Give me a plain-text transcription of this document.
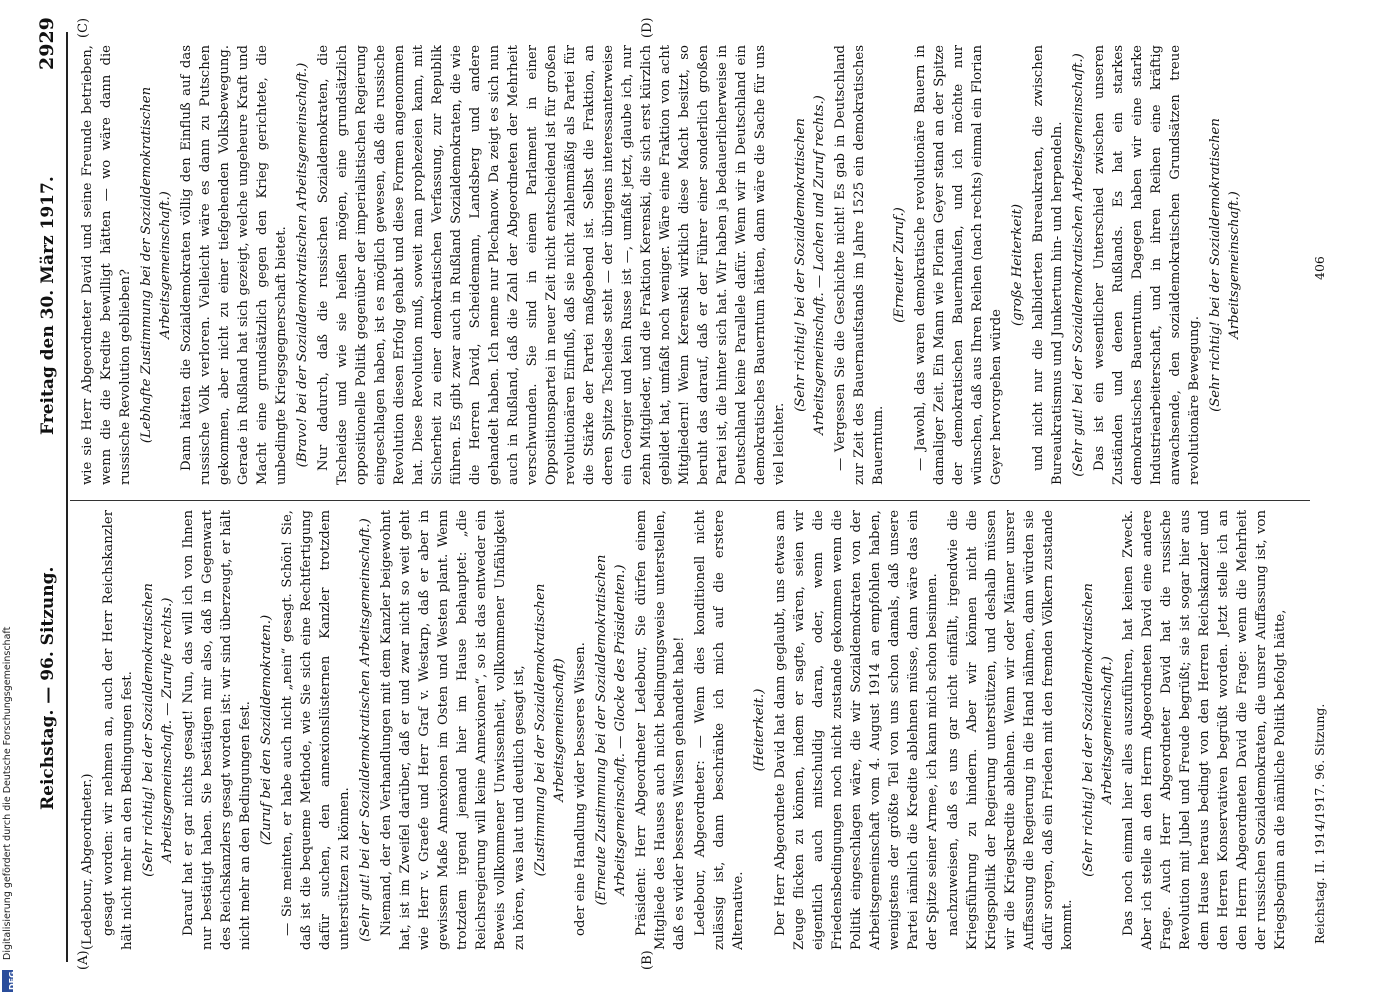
Reichstag. — 96. Sitzung.
Freitag den 30. März 1917.
2929
(A)	(B)
(C)	(D)

(Ledebour, Abgeordneter.) gesagt worden: wir nehmen an, auch der Herr Reichskanzler hält nicht mehr an den Bedingungen fest. (Sehr richtig! bei der Sozialdemokratischen Arbeitsgemeinschaft. — Zurufe rechts.) Darauf hat er gar nichts gesagt! Nun, das will ich von Ihnen nur bestätigt haben. Sie bestätigen mir also, daß in Gegenwart des Reichskanzlers gesagt worden ist: wir sind überzeugt, er hält nicht mehr an den Bedingungen fest. (Zuruf bei den Sozialdemokraten.) — Sie meinten, er habe auch nicht „nein“ gesagt. Schön! Sie, daß ist die bequeme Methode, wie Sie sich eine Rechtfertigung dafür suchen, den annexionslüsternen Kanzler trotzdem unterstützen zu können. (Sehr gut! bei der Sozialdemokratischen Arbeitsgemeinschaft.) Niemand, der den Verhandlungen mit dem Kanzler beigewohnt hat, ist im Zweifel darüber, daß er und zwar nicht so weit geht wie Herr v. Graefe und Herr Graf v. Westarp, daß er aber in gewissem Maße Annexionen im Osten und Westen plant. Wenn trotzdem irgend jemand hier im Hause behauptet: „die Reichsregierung will keine Annexionen“, so ist das entweder ein Beweis vollkommener Unwissenheit, vollkommener Unfähigkeit zu hören, was laut und deutlich gesagt ist, (Zustimmung bei der Sozialdemokratischen Arbeitsgemeinschaft) oder eine Handlung wider besseres Wissen. (Erneute Zustimmung bei der Sozialdemokratischen Arbeitsgemeinschaft. — Glocke des Präsidenten.) Präsident: Herr Abgeordneter Ledebour, Sie dürfen einem Mitgliede des Hauses auch nicht bedingungsweise unterstellen, daß es wider besseres Wissen gehandelt habe! Ledebour, Abgeordneter: — Wenn dies konditionell nicht zulässig ist, dann beschränke ich mich auf die erstere Alternative.

(Heiterkeit.) Der Herr Abgeordnete David hat dann geglaubt, uns etwas am Zeuge flicken zu können, indem er sagte, wären, seien wir eigentlich auch mitschuldig daran, oder, wenn die Friedensbedingungen noch nicht zustande gekommen wenn die Politik eingeschlagen wäre, die wir Sozialdemokraten von der Arbeitsgemeinschaft vom 4. August 1914 an empfohlen haben, wenigstens der größte Teil von uns schon damals, daß unsere Partei nämlich die Kredite ablehnen müsse, dann wäre das ein der Spitze seiner Armee, ich kann mich schon besinnen. nachzuweisen, daß es uns gar nicht einfällt, irgendwie die Kriegsführung zu hindern. Aber wir können nicht die Kriegspolitik der Regierung unterstützen, und deshalb müssen wir die Kriegskredite ablehnen. Wenn wir oder Männer unsrer Auffassung die Regierung in die Hand nähmen, dann würden sie dafür sorgen, daß ein Frieden mit den fremden Völkern zustande kommt.

(Sehr richtig! bei der Sozialdemokratischen Arbeitsgemeinschaft.) Das noch einmal hier alles auszuführen, hat keinen Zweck. Aber ich stelle an den Herrn Abgeordneten David eine andere Frage. Auch Herr Abgeordneter David hat die russische Revolution mit Jubel und Freude begrüßt; sie ist sogar hier aus dem Hause heraus bedingt von den Herren Reichskanzler und den Herren Konservativen begrüßt worden. Jetzt stelle ich an den Herrn Abgeordneten David die Frage: wenn die Mehrheit der russischen Sozialdemokraten, die unsrer Auffassung ist, von Kriegsbeginn an die nämliche Politik befolgt hätte,

wie sie Herr Abgeordneter David und seine Freunde betrieben, wenn die die Kredite bewilligt hätten — wo wäre dann die russische Revolution geblieben? (Lebhafte Zustimmung bei der Sozialdemokratischen Arbeitsgemeinschaft.) Dann hätten die Sozialdemokraten völlig den Einfluß auf das russische Volk verloren. Vielleicht wäre es dann zu Putschen gekommen, aber nicht zu einer tiefgehenden Volksbewegung. Gerade in Rußland hat sich gezeigt, welche ungeheure Kraft und Macht eine grundsätzlich gegen den Krieg gerichtete, die unbedingte Kriegsgegnerschaft bietet. (Bravo! bei der Sozialdemokratischen Arbeitsgemeinschaft.) Nur dadurch, daß die russischen Sozialdemokraten, die Tscheidse und wie sie heißen mögen, eine grundsätzlich oppositionelle Politik gegenüber der imperialistischen Regierung eingeschlagen haben, ist es möglich gewesen, daß die russische Revolution diesen Erfolg gehabt und diese Formen angenommen hat. Diese Revolution muß, soweit man prophezeien kann, mit Sicherheit zu einer demokratischen Verfassung, zur Republik führen. Es gibt zwar auch in Rußland Sozialdemokraten, die wie die Herren David, Scheidemann, Landsberg und andere gehandelt haben. Ich nenne nur Plechanow. Da zeigt es sich nun auch in Rußland, daß die Zahl der Abgeordneten der Mehrheit verschwunden. Sie sind in einem Parlament in einer Oppositionspartei in neuer Zeit nicht entscheidend ist für großen revolutionären Einfluß, daß sie nicht zahlenmäßig als Partei für die Stärke der Partei maßgebend ist. Selbst die Fraktion, an deren Spitze Tscheidse steht — der übrigens interessanterweise ein Georgier und kein Russe ist —, umfaßt jetzt, glaube ich, nur zehn Mitglieder, und die Fraktion Kerenski, die sich erst kürzlich gebildet hat, umfaßt noch weniger. Wäre eine Fraktion von acht Mitgliedern! Wenn Kerenski wirklich diese Macht besitzt, so beruht das darauf, daß er der Führer einer sonderlich großen Partei ist, die hinter sich hat. Wir haben ja bedauerlicherweise in Deutschland keine Parallele dafür. Wenn wir in Deutschland ein demokratisches Bauerntum hätten, dann wäre die Sache für uns viel leichter.

(Sehr richtig! bei der Sozialdemokratischen Arbeitsgemeinschaft. — Lachen und Zuruf rechts.) — Vergessen Sie die Geschichte nicht! Es gab in Deutschland zur Zeit des Bauernaufstands im Jahre 1525 ein demokratisches Bauerntum.

(Erneuter Zuruf.) — Jawohl, das waren demokratische revolutionäre Bauern in damaliger Zeit. Ein Mann wie Florian Geyer stand an der Spitze der demokratischen Bauernhaufen, und ich möchte nur wünschen, daß aus Ihren Reihen (nach rechts) einmal ein Florian Geyer hervorgehen würde

(große Heiterkeit) und nicht nur die halbiderten Bureaukraten, die zwischen Bureaukratismus und Junkertum hin- und herpendeln. (Sehr gut! bei der Sozialdemokratischen Arbeitsgemeinschaft.) Das ist ein wesentlicher Unterschied zwischen unseren Zuständen und denen Rußlands. Es hat ein starkes demokratisches Bauerntum. Dagegen haben wir eine starke Industriearbeiterschaft, und in ihren Reihen eine kräftig anwachsende, den sozialdemokratischen Grundsätzen treue revolutionäre Bewegung. (Sehr richtig! bei der Sozialdemokratischen Arbeitsgemeinschaft.)

Reichstag. II. 1914/1917. 96. Sitzung.
406
DFG
Digitalisierung gefördert durch die Deutsche Forschungsgemeinschaft
